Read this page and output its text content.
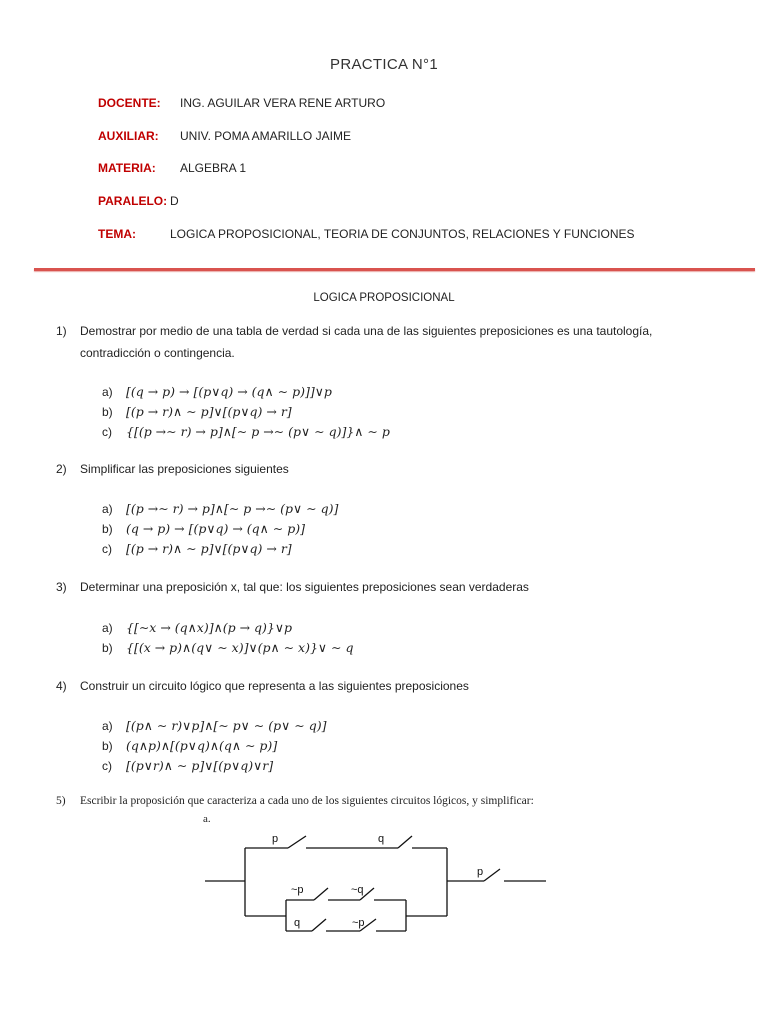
PRACTICA N°1
DOCENTE: ING. AGUILAR VERA RENE ARTURO
AUXILIAR: UNIV. POMA AMARILLO JAIME
MATERIA: ALGEBRA 1
PARALELO: D
TEMA:	LOGICA PROPOSICIONAL, TEORIA DE CONJUNTOS, RELACIONES Y FUNCIONES
LOGICA PROPOSICIONAL
1) Demostrar por medio de una tabla de verdad si cada una de las siguientes preposiciones es una tautología,
contradicción o contingencia.
a) [(q → p) → [(p∨q) → (q∧ ∼ p)]]∨p
b) [(p → r)∧ ∼ p]∨[(p∨q) → r]
c) {[(p →∼ r) → p]∧[∼ p →∼ (p∨ ∼ q)]}∧ ∼ p
2) Simplificar las preposiciones siguientes
a) [(p →∼ r) → p]∧[∼ p →∼ (p∨ ∼ q)]
b) (q → p) → [(p∨q) → (q∧ ∼ p)]
c) [(p → r)∧ ∼ p]∨[(p∨q) → r]
3) Determinar una preposición x, tal que: los siguientes preposiciones sean verdaderas
a) {[∼x → (q∧x)]∧(p → q)}∨p
b) {[(x → p)∧(q∨ ∼ x)]∨(p∧ ∼ x)}∨ ∼ q
4) Construir un circuito lógico que representa a las siguientes preposiciones
a) [(p∧ ∼ r)∨p]∧[∼ p∨ ∼ (p∨ ∼ q)]
b) (q∧p)∧[(p∨q)∧(q∧ ∼ p)]
c) [(p∨r)∧ ∼ p]∨[(p∨q)∨r]
5) Escribir la proposición que caracteriza a cada uno de los siguientes circuitos lógicos, y simplificar:
a.
p	q
~p	~q
q	~p
p
